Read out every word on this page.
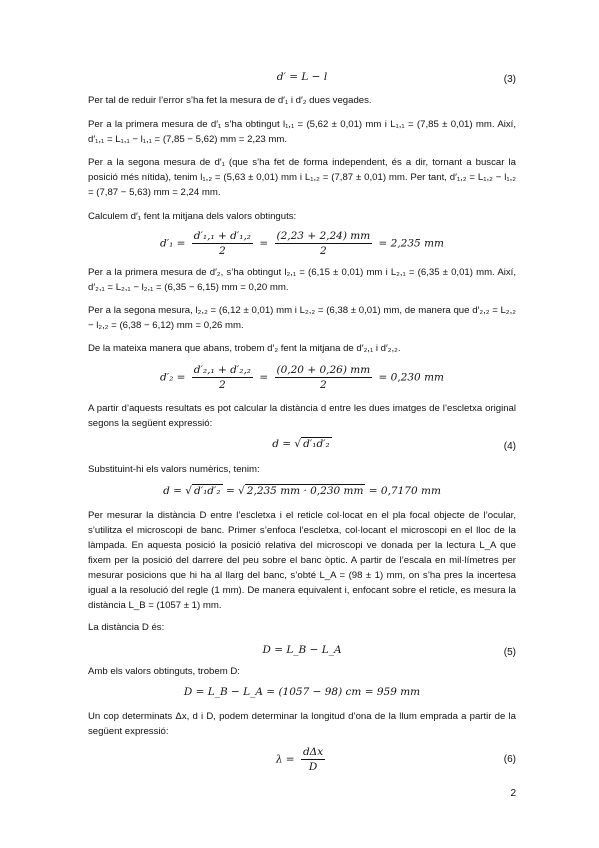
d′ = L − l	(3)

Per tal de reduir l’error s’ha fet la mesura de d′₁ i d′₂ dues vegades.

Per a la primera mesura de d′₁ s’ha obtingut l₁,₁ = (5,62 ± 0,01) mm i L₁,₁ = (7,85 ± 0,01) mm. Així, d′₁,₁ = L₁,₁ − l₁,₁ = (7,85 − 5,62) mm = 2,23 mm.

Per a la segona mesura de d′₁ (que s’ha fet de forma independent, és a dir, tornant a buscar la posició més nítida), tenim l₁,₂ = (5,63 ± 0,01) mm i L₁,₂ = (7,87 ± 0,01) mm. Per tant, d′₁,₂ = L₁,₂ − l₁,₂ = (7,87 − 5,63) mm = 2,24 mm.

Calculem d′₁ fent la mitjana dels valors obtinguts:

$d'_1 = \frac{\text{d′₁,₁ + d′₁,₂}}{2} = \frac{(2,23 + 2,24) mm}{2} = 2,235$ mm

Per a la primera mesura de d′₂, s’ha obtingut l₂,₁ = (6,15 ± 0,01) mm i L₂,₁ = (6,35 ± 0,01) mm. Així, d′₂,₁ = L₂,₁ − l₂,₁ = (6,35 − 6,15) mm = 0,20 mm.

Per a la segona mesura, l₂,₂ = (6,12 ± 0,01) mm i L₂,₂ = (6,38 ± 0,01) mm, de manera que d′₂,₂ = L₂,₂ − l₂,₂ = (6,38 − 6,12) mm = 0,26 mm.

De la mateixa manera que abans, trobem d′₂ fent la mitjana de d′₂,₁ i d′₂,₂.

$d'_2 = \frac{\text{d′₂,₁ + d′₂,₂}}{2} = \frac{(0,20 + 0,26) mm}{2} = 0,230$ mm

A partir d’aquests resultats es pot calcular la distància d entre les dues imatges de l’escletxa original segons la següent expressió:

d = √ d′₁d′₂	(4)

Substituint-hi els valors numèrics, tenim:

d = √ d′₁d′₂ = √ 2,235 mm · 0,230 mm = 0,7170 mm

Per mesurar la distància D entre l’escletxa i el reticle col·locat en el pla focal objecte de l’ocular, s’utilitza el microscopi de banc. Primer s’enfoca l’escletxa, col·locant el microscopi en el lloc de la làmpada. En aquesta posició la posició relativa del microscopi ve donada per la lectura L_A que fixem per la posició del darrere del peu sobre el banc òptic. A partir de l’escala en mil·límetres per mesurar posicions que hi ha al llarg del banc, s’obté L_A = (98 ± 1) mm, on s’ha pres la incertesa igual a la resolució del regle (1 mm). De manera equivalent i, enfocant sobre el reticle, es mesura la distància L_B = (1057 ± 1) mm.

La distància D és:

D = L_B − L_A	(5)

Amb els valors obtinguts, trobem D:

D = L_B − L_A = (1057 − 98) cm = 959 mm

Un cop determinats Δx, d i D, podem determinar la longitud d’ona de la llum emprada a partir de la següent expressió:

$\lambda = \frac{\text{dΔx}}{D}$	(6)
2
